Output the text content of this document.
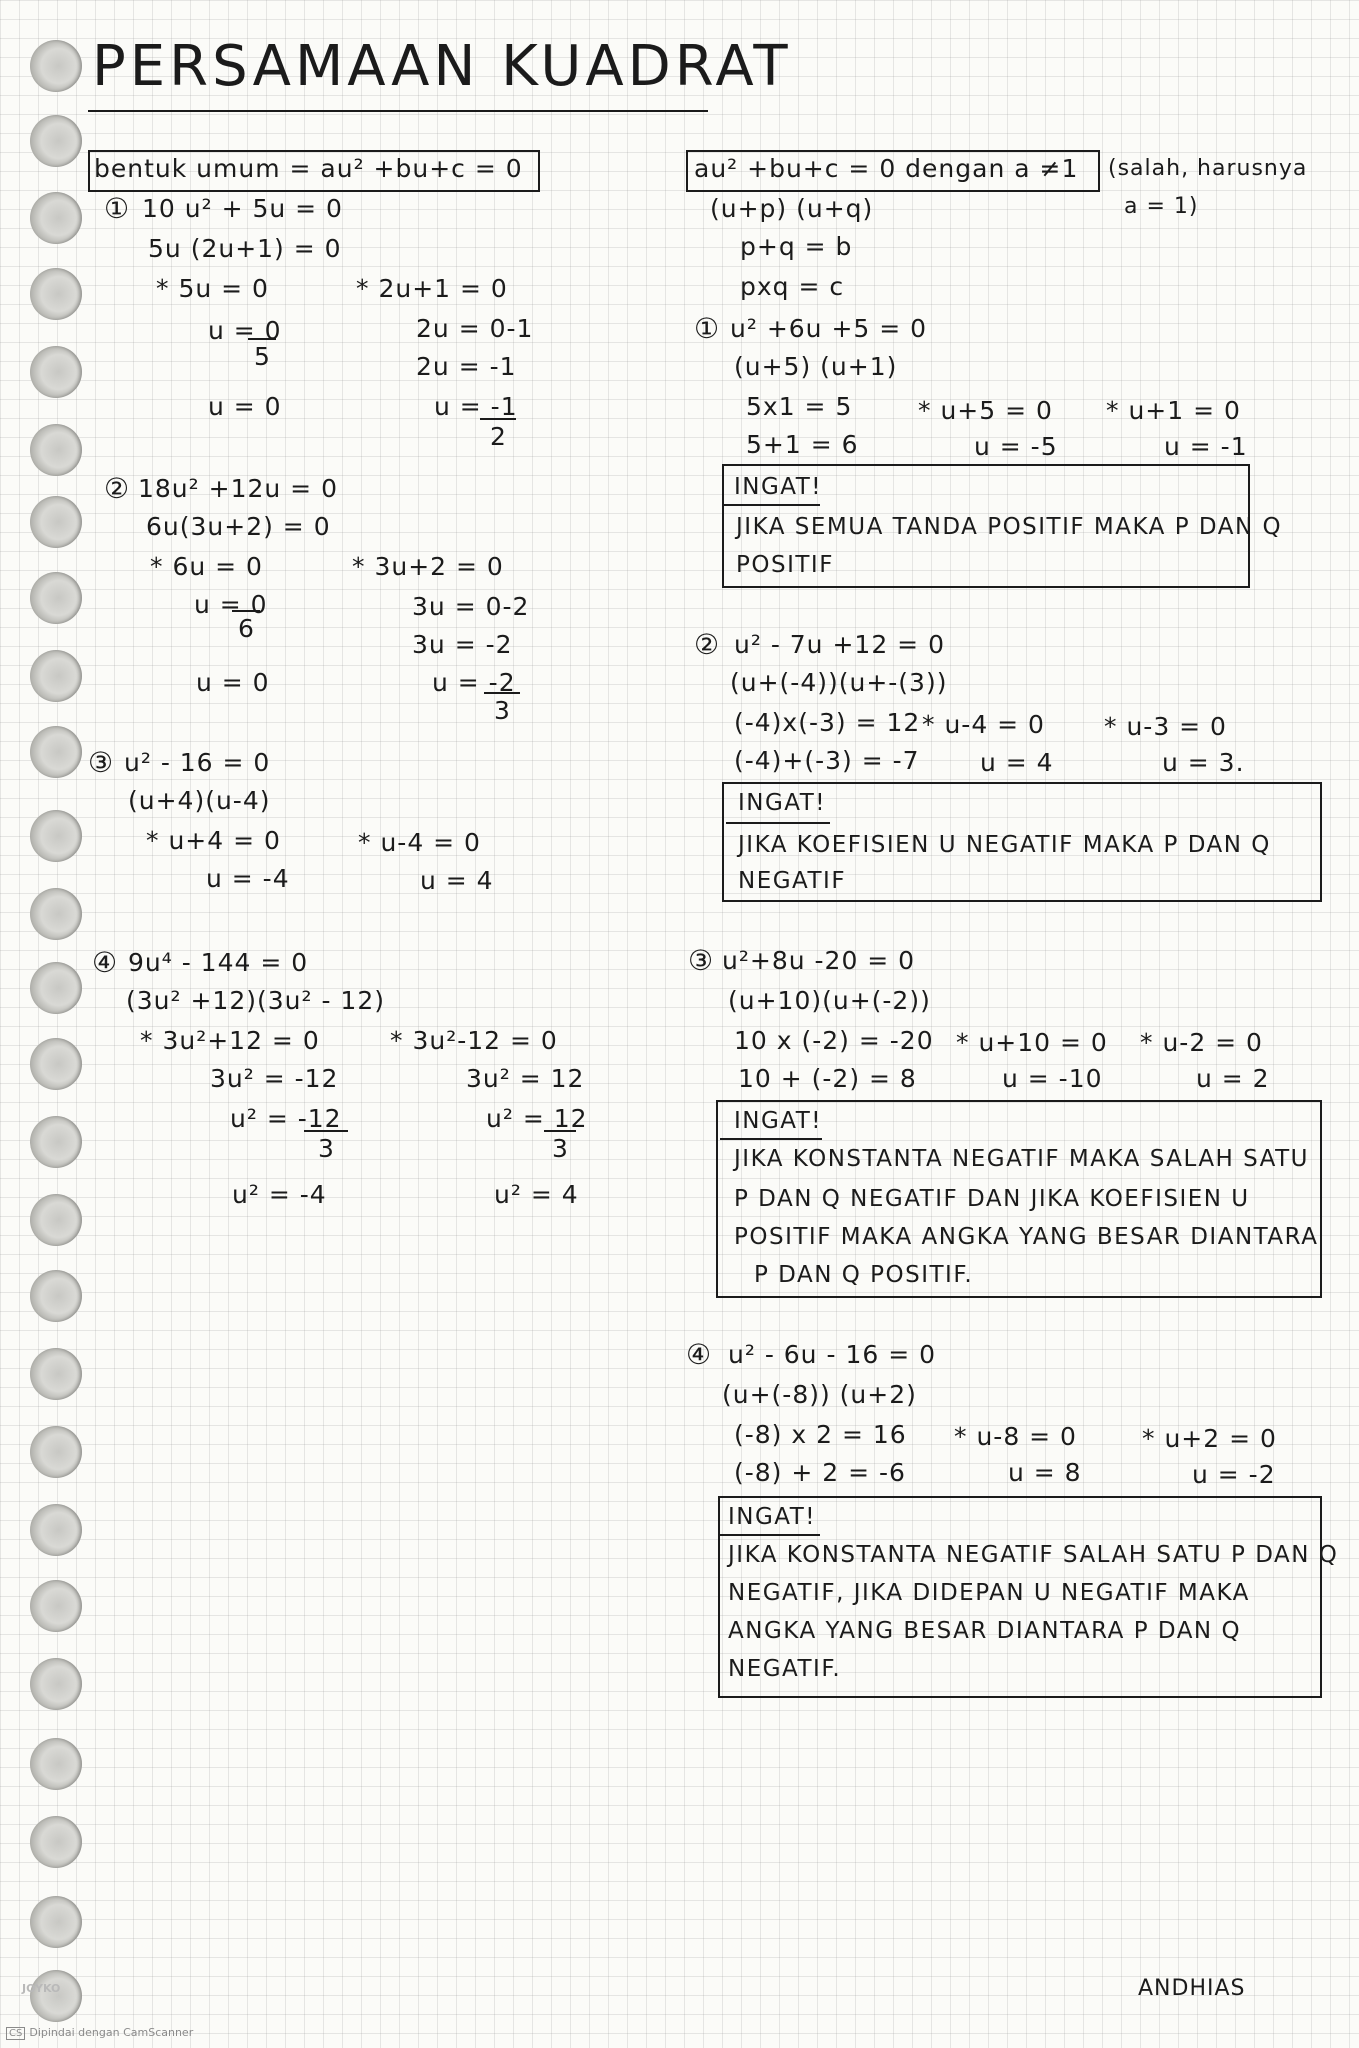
PERSAMAAN KUADRAT
bentuk umum = au² +bu+c = 0
① 10 u² + 5u = 0
5u (2u+1) = 0
* 5u = 0
u = 0
5
u = 0
* 2u+1 = 0
2u = 0-1
2u = -1
u = -1
2
② 18u² +12u = 0
6u(3u+2) = 0
* 6u = 0
u = 0
6
u = 0
* 3u+2 = 0
3u = 0-2
3u = -2
u = -2
3
③ u² - 16 = 0
(u+4)(u-4)
* u+4 = 0
u = -4
* u-4 = 0
u = 4
④ 9u⁴ - 144 = 0
(3u² +12)(3u² - 12)
* 3u²+12 = 0
3u² = -12
u² = -12
3
u² = -4
* 3u²-12 = 0
3u² = 12
u² = 12
3
u² = 4
au² +bu+c = 0 dengan a ≠1 (salah, harusnya
a = 1)
(u+p) (u+q)
p+q = b
pxq = c
① u² +6u +5 = 0
(u+5) (u+1)
5x1 = 5
5+1 = 6
* u+5 = 0
u = -5
* u+1 = 0
u = -1
INGAT!
JIKA SEMUA TANDA POSITIF MAKA P DAN Q
POSITIF
② u² - 7u +12 = 0
(u+(-4))(u+-(3))
(-4)x(-3) = 12
(-4)+(-3) = -7
* u-4 = 0
u = 4
* u-3 = 0
u = 3.
INGAT!
JIKA KOEFISIEN U NEGATIF MAKA P DAN Q
NEGATIF
③ u²+8u -20 = 0
(u+10)(u+(-2))
10 x (-2) = -20
10 + (-2) = 8
* u+10 = 0
u = -10
* u-2 = 0
u = 2
INGAT!
JIKA KONSTANTA NEGATIF MAKA SALAH SATU
P DAN Q NEGATIF DAN JIKA KOEFISIEN U
POSITIF MAKA ANGKA YANG BESAR DIANTARA
P DAN Q POSITIF.
④ u² - 6u - 16 = 0
(u+(-8)) (u+2)
(-8) x 2 = 16
(-8) + 2 = -6
* u-8 = 0
u = 8
* u+2 = 0
u = -2
INGAT!
JIKA KONSTANTA NEGATIF SALAH SATU P DAN Q
NEGATIF, JIKA DIDEPAN U NEGATIF MAKA
ANGKA YANG BESAR DIANTARA P DAN Q
NEGATIF.
ANDHIAS
JOYKO
CS Dipindai dengan CamScanner
